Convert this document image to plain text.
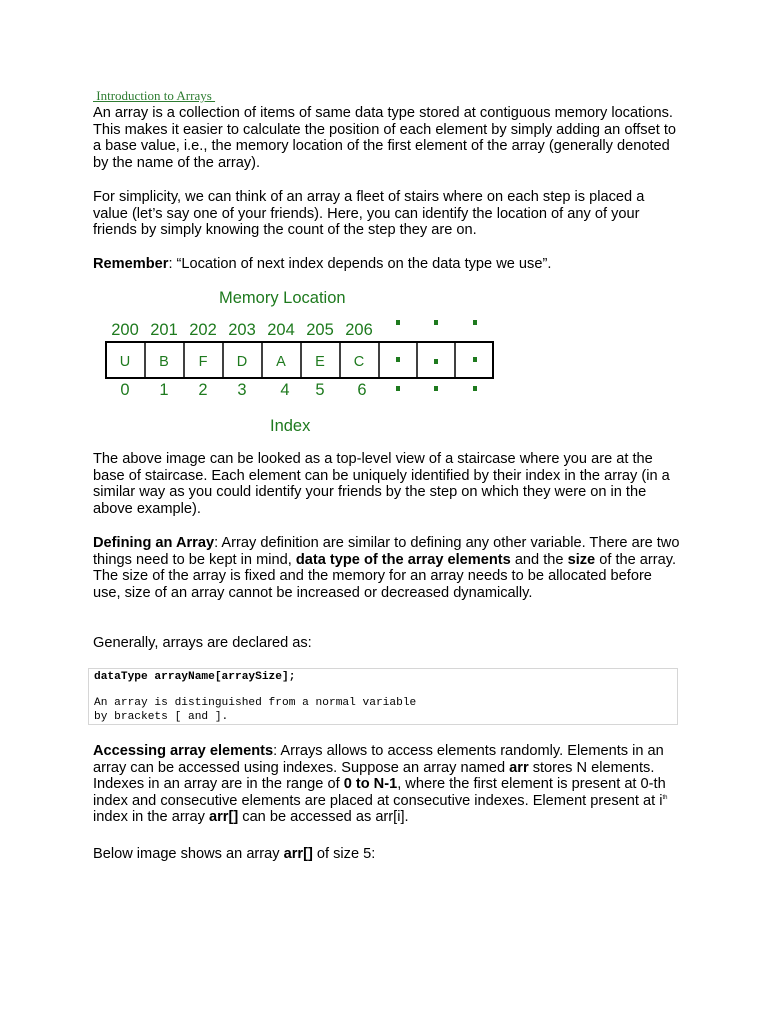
Introduction to Arrays

An array is a collection of items of same data type stored at contiguous memory locations. This makes it easier to calculate the position of each element by simply adding an offset to a base value, i.e., the memory location of the first element of the array (generally denoted by the name of the array).

For simplicity, we can think of an array a fleet of stairs where on each step is placed a value (let’s say one of your friends). Here, you can identify the location of any of your friends by simply knowing the count of the step they are on.

Remember: “Location of next index depends on the data type we use”.

Memory Location
200 201 202 203 204 205 206
U B F D A E C
0 1 2 3 4 5 6
Index

The above image can be looked as a top-level view of a staircase where you are at the base of staircase. Each element can be uniquely identified by their index in the array (in a similar way as you could identify your friends by the step on which they were on in the above example).

Defining an Array: Array definition are similar to defining any other variable. There are two things need to be kept in mind, data type of the array elements and the size of the array. The size of the array is fixed and the memory for an array needs to be allocated before use, size of an array cannot be increased or decreased dynamically.

Generally, arrays are declared as:

dataType arrayName[arraySize];
An array is distinguished from a normal variable
by brackets [ and ].

Accessing array elements: Arrays allows to access elements randomly. Elements in an array can be accessed using indexes. Suppose an array named arr stores N elements. Indexes in an array are in the range of 0 to N-1, where the first element is present at 0-th index and consecutive elements are placed at consecutive indexes. Element present at $i^{th}$ index in the array arr[] can be accessed as arr[i].

Below image shows an array arr[] of size 5:
